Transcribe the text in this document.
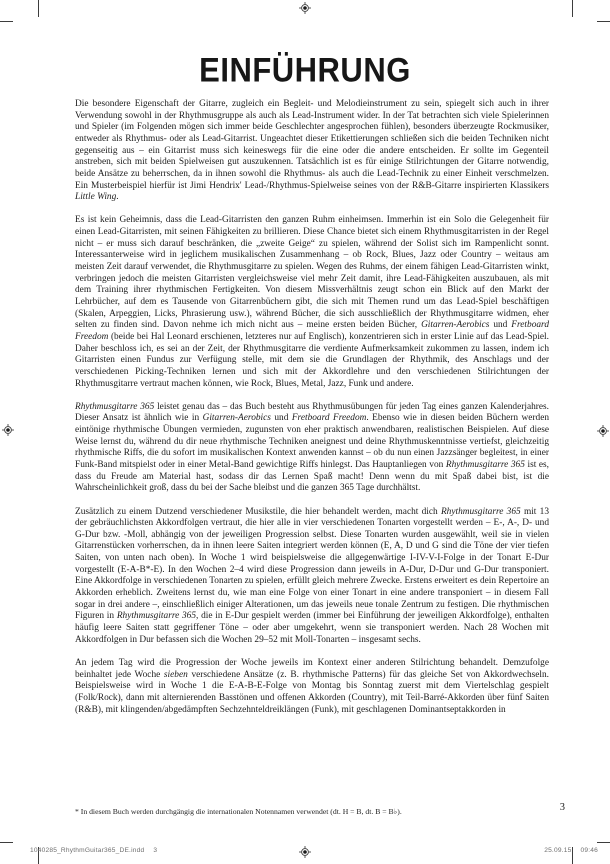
EINFÜHRUNG

Die besondere Eigenschaft der Gitarre, zugleich ein Begleit- und Melodieinstrument zu sein, spiegelt sich auch in ihrer Verwendung sowohl in der Rhythmusgruppe als auch als Lead-Instrument wider. In der Tat betrachten sich viele Spielerinnen und Spieler (im Folgenden mögen sich immer beide Geschlechter angesprochen fühlen), besonders überzeugte Rockmusiker, entweder als Rhythmus- oder als Lead-Gitarrist. Ungeachtet dieser Etikettierungen schließen sich die beiden Techniken nicht gegenseitig aus – ein Gitarrist muss sich keineswegs für die eine oder die andere entscheiden. Er sollte im Gegenteil anstreben, sich mit beiden Spielweisen gut auszukennen. Tatsächlich ist es für einige Stilrichtungen der Gitarre notwendig, beide Ansätze zu beherrschen, da in ihnen sowohl die Rhythmus- als auch die Lead-Technik zu einer Einheit verschmelzen. Ein Musterbeispiel hierfür ist Jimi Hendrix' Lead-/Rhythmus-Spielweise seines von der R&B-Gitarre inspirierten Klassikers Little Wing.

Es ist kein Geheimnis, dass die Lead-Gitarristen den ganzen Ruhm einheimsen. Immerhin ist ein Solo die Gelegenheit für einen Lead-Gitarristen, mit seinen Fähigkeiten zu brillieren. Diese Chance bietet sich einem Rhythmusgitarristen in der Regel nicht – er muss sich darauf beschränken, die „zweite Geige“ zu spielen, während der Solist sich im Rampenlicht sonnt. Interessanterweise wird in jeglichem musikalischen Zusammenhang – ob Rock, Blues, Jazz oder Country – weitaus am meisten Zeit darauf verwendet, die Rhythmusgitarre zu spielen. Wegen des Ruhms, der einem fähigen Lead-Gitarristen winkt, verbringen jedoch die meisten Gitarristen vergleichsweise viel mehr Zeit damit, ihre Lead-Fähigkeiten auszubauen, als mit dem Training ihrer rhythmischen Fertigkeiten. Von diesem Missverhältnis zeugt schon ein Blick auf den Markt der Lehrbücher, auf dem es Tausende von Gitarrenbüchern gibt, die sich mit Themen rund um das Lead-Spiel beschäftigen (Skalen, Arpeggien, Licks, Phrasierung usw.), während Bücher, die sich ausschließlich der Rhythmusgitarre widmen, eher selten zu finden sind. Davon nehme ich mich nicht aus – meine ersten beiden Bücher, Gitarren-Aerobics und Fretboard Freedom (beide bei Hal Leonard erschienen, letzteres nur auf Englisch), konzentrieren sich in erster Linie auf das Lead-Spiel. Daher beschloss ich, es sei an der Zeit, der Rhythmusgitarre die verdiente Aufmerksamkeit zukommen zu lassen, indem ich Gitarristen einen Fundus zur Verfügung stelle, mit dem sie die Grundlagen der Rhythmik, des Anschlags und der verschiedenen Picking-Techniken lernen und sich mit der Akkordlehre und den verschiedenen Stilrichtungen der Rhythmusgitarre vertraut machen können, wie Rock, Blues, Metal, Jazz, Funk und andere.

Rhythmusgitarre 365 leistet genau das – das Buch besteht aus Rhythmusübungen für jeden Tag eines ganzen Kalenderjahres. Dieser Ansatz ist ähnlich wie in Gitarren-Aerobics und Fretboard Freedom. Ebenso wie in diesen beiden Büchern werden eintönige rhythmische Übungen vermieden, zugunsten von eher praktisch anwendbaren, realistischen Beispielen. Auf diese Weise lernst du, während du dir neue rhythmische Techniken aneignest und deine Rhythmuskenntnisse vertiefst, gleichzeitig rhythmische Riffs, die du sofort im musikalischen Kontext anwenden kannst – ob du nun einen Jazzsänger begleitest, in einer Funk-Band mitspielst oder in einer Metal-Band gewichtige Riffs hinlegst. Das Hauptanliegen von Rhythmusgitarre 365 ist es, dass du Freude am Material hast, sodass dir das Lernen Spaß macht! Denn wenn du mit Spaß dabei bist, ist die Wahrscheinlichkeit groß, dass du bei der Sache bleibst und die ganzen 365 Tage durchhältst.

Zusätzlich zu einem Dutzend verschiedener Musikstile, die hier behandelt werden, macht dich Rhythmusgitarre 365 mit 13 der gebräuchlichsten Akkordfolgen vertraut, die hier alle in vier verschiedenen Tonarten vorgestellt werden – E-, A-, D- und G-Dur bzw. -Moll, abhängig von der jeweiligen Progression selbst. Diese Tonarten wurden ausgewählt, weil sie in vielen Gitarrenstücken vorherrschen, da in ihnen leere Saiten integriert werden können (E, A, D und G sind die Töne der vier tiefen Saiten, von unten nach oben). In Woche 1 wird beispielsweise die allgegenwärtige I-IV-V-I-Folge in der Tonart E-Dur vorgestellt (E-A-B*-E). In den Wochen 2–4 wird diese Progression dann jeweils in A-Dur, D-Dur und G-Dur transponiert. Eine Akkordfolge in verschiedenen Tonarten zu spielen, erfüllt gleich mehrere Zwecke. Erstens erweitert es dein Repertoire an Akkorden erheblich. Zweitens lernst du, wie man eine Folge von einer Tonart in eine andere transponiert – in diesem Fall sogar in drei andere –, einschließlich einiger Alterationen, um das jeweils neue tonale Zentrum zu festigen. Die rhythmischen Figuren in Rhythmusgitarre 365, die in E-Dur gespielt werden (immer bei Einführung der jeweiligen Akkordfolge), enthalten häufig leere Saiten statt gegriffener Töne – oder aber umgekehrt, wenn sie transponiert werden. Nach 28 Wochen mit Akkordfolgen in Dur befassen sich die Wochen 29–52 mit Moll-Tonarten – insgesamt sechs.

An jedem Tag wird die Progression der Woche jeweils im Kontext einer anderen Stilrichtung behandelt. Demzufolge beinhaltet jede Woche sieben verschiedene Ansätze (z. B. rhythmische Patterns) für das gleiche Set von Akkordwechseln. Beispielsweise wird in Woche 1 die E-A-B-E-Folge von Montag bis Sonntag zuerst mit dem Viertelschlag gespielt (Folk/Rock), dann mit alternierenden Basstönen und offenen Akkorden (Country), mit Teil-Barré-Akkorden über fünf Saiten (R&B), mit klingenden/abgedämpften Sechzehnteldreiklängen (Funk), mit geschlagenen Dominantseptakkorden in

* In diesem Buch werden durchgängig die internationalen Notennamen verwendet (dt. H = B, dt. B = B♭).	3
1040285_RhythmGuitar365_DE.indd 3	25.09.15 09:46
